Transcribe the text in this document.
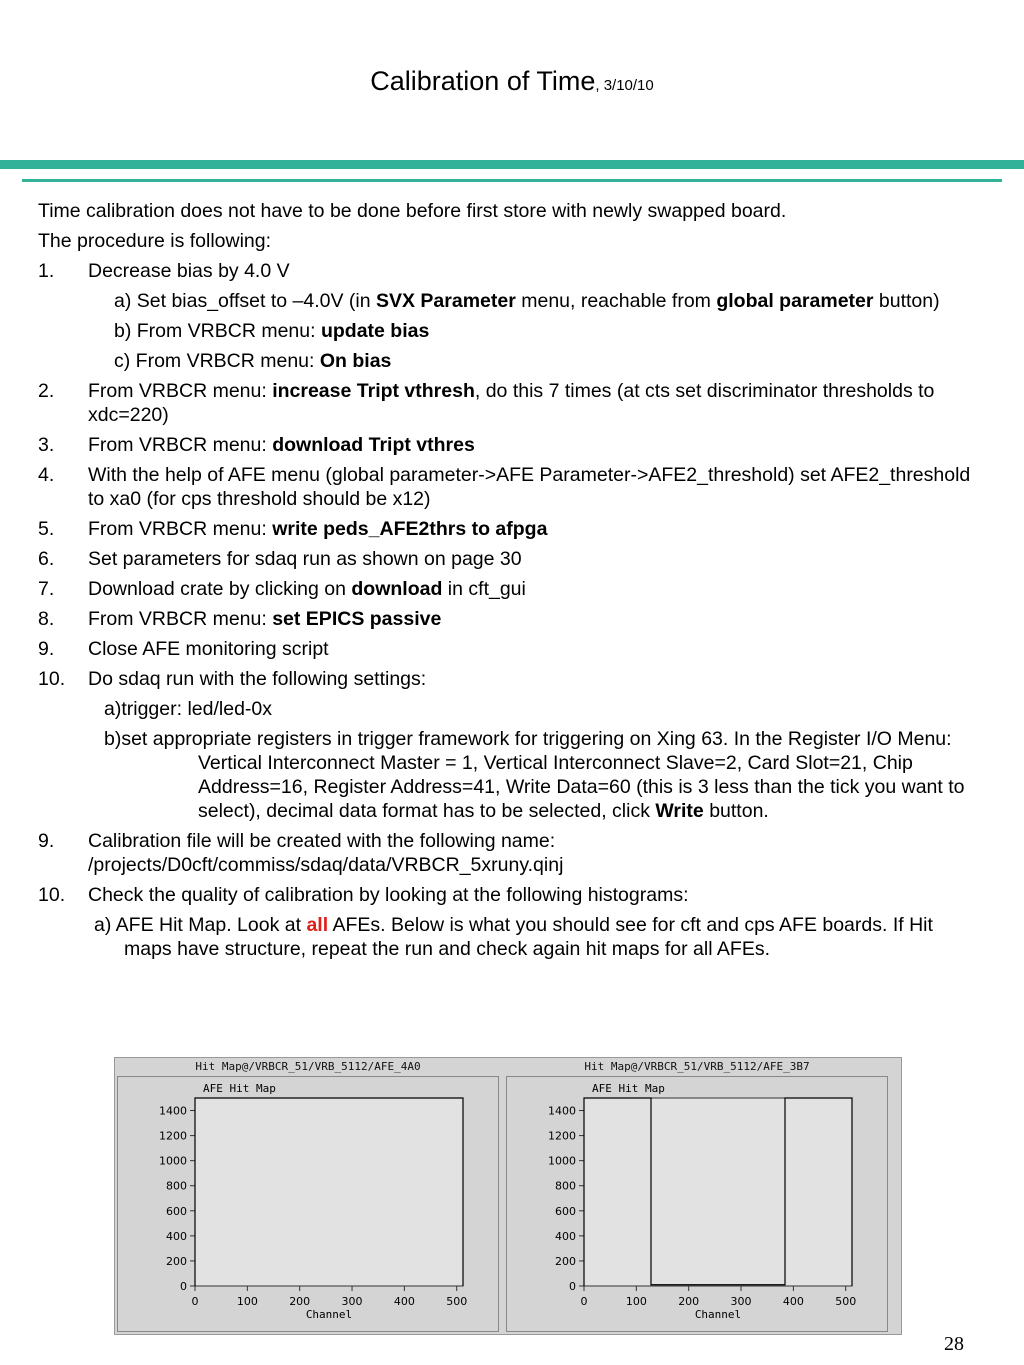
Calibration of Time, 3/10/10

Time calibration does not have to be done before first store with newly swapped board.

The procedure is following:

1. Decrease bias by 4.0 V

a) Set bias_offset to –4.0V (in SVX Parameter menu, reachable from global parameter button)

b) From VRBCR menu: update bias

c) From VRBCR menu: On bias

2. From VRBCR menu: increase Tript vthresh, do this 7 times (at cts set discriminator thresholds to xdc=220)

3. From VRBCR menu: download Tript vthres

4. With the help of AFE menu (global parameter->AFE Parameter->AFE2_threshold) set AFE2_threshold to xa0 (for cps threshold should be x12)

5. From VRBCR menu: write peds_AFE2thrs to afpga

6. Set parameters for sdaq run as shown on page 30

7. Download crate by clicking on download in cft_gui

8. From VRBCR menu: set EPICS passive

9. Close AFE monitoring script

10. Do sdaq run with the following settings:

a)trigger: led/led-0x

b)set appropriate registers in trigger framework for triggering on Xing 63. In the Register I/O Menu: Vertical Interconnect Master = 1, Vertical Interconnect Slave=2, Card Slot=21, Chip Address=16, Register Address=41, Write Data=60 (this is 3 less than the tick you want to select), decimal data format has to be selected, click Write button.

9. Calibration file will be created with the following name: /projects/D0cft/commiss/sdaq/data/VRBCR_5xruny.qinj

10. Check the quality of calibration by looking at the following histograms:

a) AFE Hit Map. Look at all AFEs. Below is what you should see for cft and cps AFE boards. If Hit maps have structure, repeat the run and check again hit maps for all AFEs.

Hit Map@/VRBCR_51/VRB_5112/AFE_4A0
AFE Hit Map
0
200
400
600
800
1000
1200
1400
0	100	200	300	400	500
Channel
Hit Map@/VRBCR_51/VRB_5112/AFE_3B7
AFE Hit Map
0
200
400
600
800
1000
1200
1400
0	100	200	300	400	500
Channel
28
